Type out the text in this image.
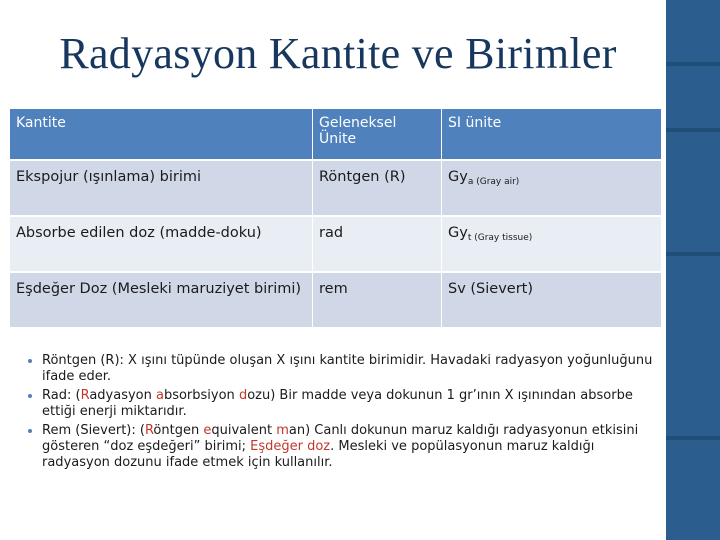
Radyasyon Kantite ve Birimler
Kantite	Geleneksel Ünite	SI ünite
Ekspojur (ışınlama) birimi	Röntgen (R)	$Gy_{a (Gray air)}$
Absorbe edilen doz (madde-doku)	rad	$Gy_{t (Gray tissue)}$
Eşdeğer Doz (Mesleki maruziyet birimi)	rem	Sv (Sievert)
• Röntgen (R): X ışını tüpünde oluşan X ışını kantite birimidir. Havadaki radyasyon yoğunluğunu ifade eder.
• Rad: (Radyasyon absorbsiyon dozu) Bir madde veya dokunun 1 gr’ının X ışınından absorbe ettiği enerji miktarıdır.
• Rem (Sievert): (Röntgen equivalent man) Canlı dokunun maruz kaldığı radyasyonun etkisini gösteren “doz eşdeğeri” birimi; Eşdeğer doz. Mesleki ve popülasyonun maruz kaldığı radyasyon dozunu ifade etmek için kullanılır.
